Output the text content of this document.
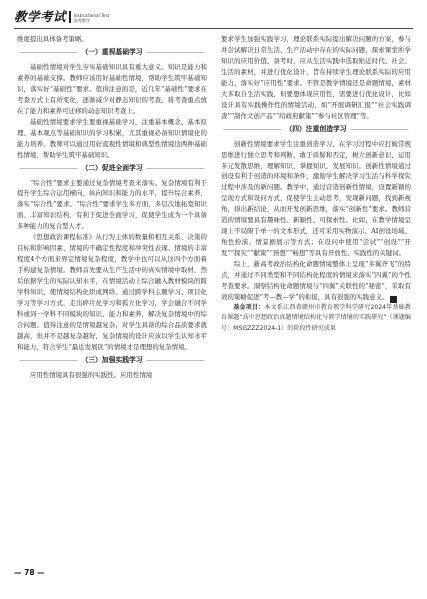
教学考试 Instructional Test
高考数学

维度提出具体备考策略。

（一）重视基础学习

基础性情境对学生夯实基础知识具有重大意义。知识是能力和素养的基础支撑。教师应该用好基础性情境，帮助学生筑牢基础知识，落实好“基础性”要求。值得注意的是，近几年“基础性”要求在考查方式上有所变化，逐渐减少对静态知识的考查，将考查重点放在了能力和素养可迁移的动态知识考查上。

基础性情境要求学生要重视基础学习，注重基本概念、基本原理、基本观点等基础知识的学习积累，尤其重视必备知识情境化的能力培养。教师可以通过用好直观性情境和典型性情境这两种基础性情境，帮助学生筑牢基础知识。

（二）促进全面学习

“综合性”要求主要通过复杂情境考查来落实。复杂情境有利于提升学生综合运用横向、纵向知识和能力的水平，提升综合素养，落实“综合性”要求。“综合性”要求学生多方面、多层次地拓宽知识面、丰富知识结构，有利于促进全面学习，促使学生成为一个具备多种能力的复合型人才。

《思想政治课程标准》从行为主体的数量和相互关系、决策的目标和影响因素、情境的不确定性程度和冲突性表现、情境的丰富程度4个方面来界定情境复杂程度，教学中也可以从这四个方面着手构建复杂情境。教师首先要从生产生活中的真实情境中取材，然后依据学生的实际认知水平，在情境活动上综合融入教材模块的跨学科知识，使情境结构化织成网络。通过跨学科主题学习、项目化学习等学习方式，走出碎片化学习和孤立化学习，学会融合不同学科或同一学科不同模块的知识、能力和素养，解决复杂情境中的综合问题。值得注意的是情境越复杂，对学生具备的综合品质要求就越高，但并不是越复杂越好，复杂情境的设计应该以学生认知水平和能力，符合学生“最近发展区”的情境才是理想的复杂情境。

（三）加强实践学习

应用性情境具有很强的实践性。应用性情境

要求学生加强实践学习，理论联系实际提出解决问题的方案，参与并尝试解决日常生活、生产活动中存在的实际问题，探索课堂所学知识的应用价值。备考时，应从生活实践中选取贴近时代、社会、生活的素材，并进行优化设计，旨在持续学生理论联系实际的应用能力，落实好“应用性”要求。不管是教学情境还是命题情境，素材大多取自生活实践，但要想体现应用性，需要进行优化设计，比如设计具有实践操作性的情境活动，如“开展调研汇报”“社会实践调查”“制作文创产品”“给政府献策”“参与社区管理”等。

（四）注重创造学习

创新性情境要求学生注重创造学习，在学习过程中应打破常规思维进行独立思考和判断，敢于质疑和否定，树立创新意识，运用多元发散思维，理解知识，掌握知识，发展知识。创新性情境通过创设有利于创造的环境和条件，激励学生解决学习生活与科学探究过程中涉及的新问题。教学中，通过营造创新性情境，设置新颖的呈现方式和设问方式，促使学生主动思考，发现新问题，找到新视角，得出新结论，从而开发创新思维，落实“创新性”要求。教师营造的情境要具有趣味性、新颖性、可探索性。比如，在教学情境呈现上不局限于单一的文本形式，还可采用实物演示、AI创设场域、角色扮演、情景剧展示等方式；在设问中使用“尝试”“创设”“开发”“探究”“献策”“预想”“畅想”等具有开放性、实践性的关键词。

综上，新高考政治结构化命题情境整体上呈现“多翼齐飞”的特点，并通过不同类型和不同结构化程度的情境来落实“四翼”的个性考查要求。洞察结构化命题情境与“四翼”关联性的“秘密”，采取有效的策略促进“考—教—学”的衔接，具有很强的实践意义。	ZJ

基金项目：本文系江西省赣州市教育教学科学研究2024年基础教育课题“高中思想政治真题情境结构化与教学情境的实践研究”（课题编号：MSGZZZ2024-1）的阶段性研究成果

— 78 —
